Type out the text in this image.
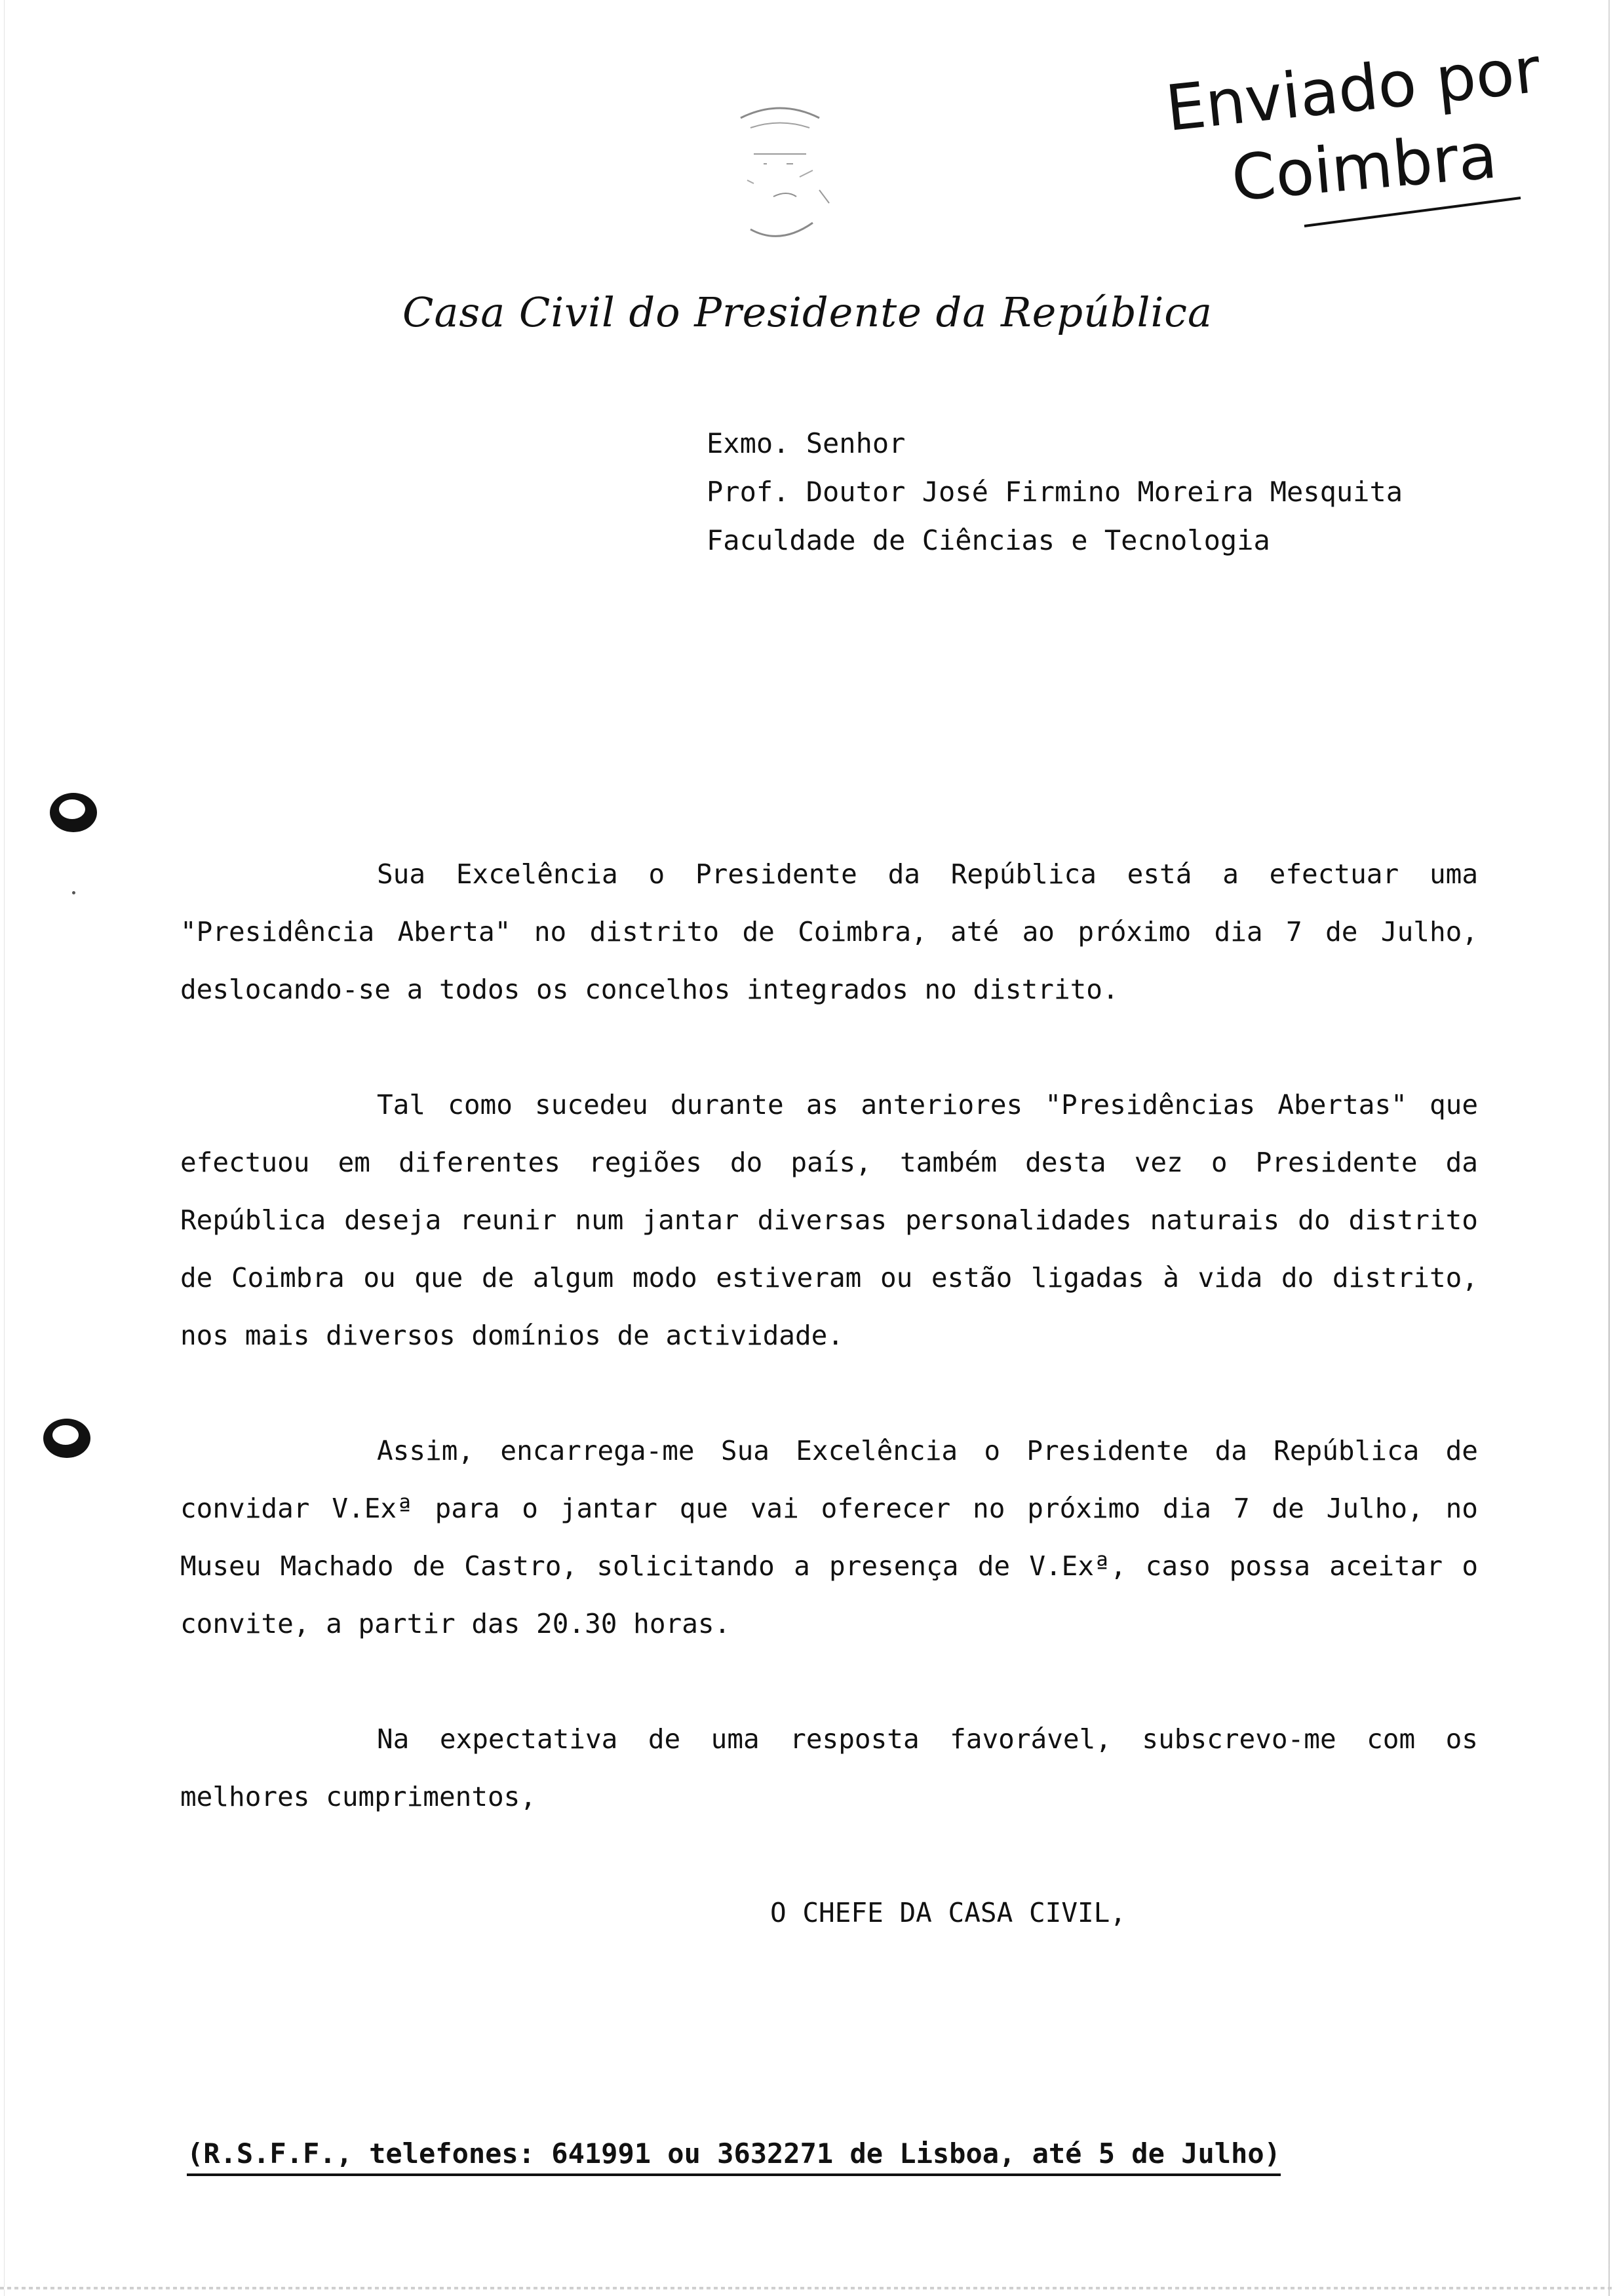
Enviado por
Coimbra
Casa Civil do Presidente da República
Exmo. Senhor
Prof. Doutor José Firmino Moreira Mesquita
Faculdade de Ciências e Tecnologia

Sua Excelência o Presidente da República está a efectuar uma "Presidência Aberta" no distrito de Coimbra, até ao próximo dia 7 de Julho, deslocando-se a todos os concelhos integrados no distrito.

Tal como sucedeu durante as anteriores "Presidências Abertas" que efectuou em diferentes regiões do país, também desta vez o Presidente da República deseja reunir num jantar diversas personalidades naturais do distrito de Coimbra ou que de algum modo estiveram ou estão ligadas à vida do distrito, nos mais diversos domínios de actividade.

Assim, encarrega-me Sua Excelência o Presidente da República de convidar V.Exª para o jantar que vai oferecer no próximo dia 7 de Julho, no Museu Machado de Castro, solicitando a presença de V.Exª, caso possa aceitar o convite, a partir das 20.30 horas.

Na expectativa de uma resposta favorável, subscrevo-me com os melhores cumprimentos,

O CHEFE DA CASA CIVIL,
(R.S.F.F., telefones: 641991 ou 3632271 de Lisboa, até 5 de Julho)
